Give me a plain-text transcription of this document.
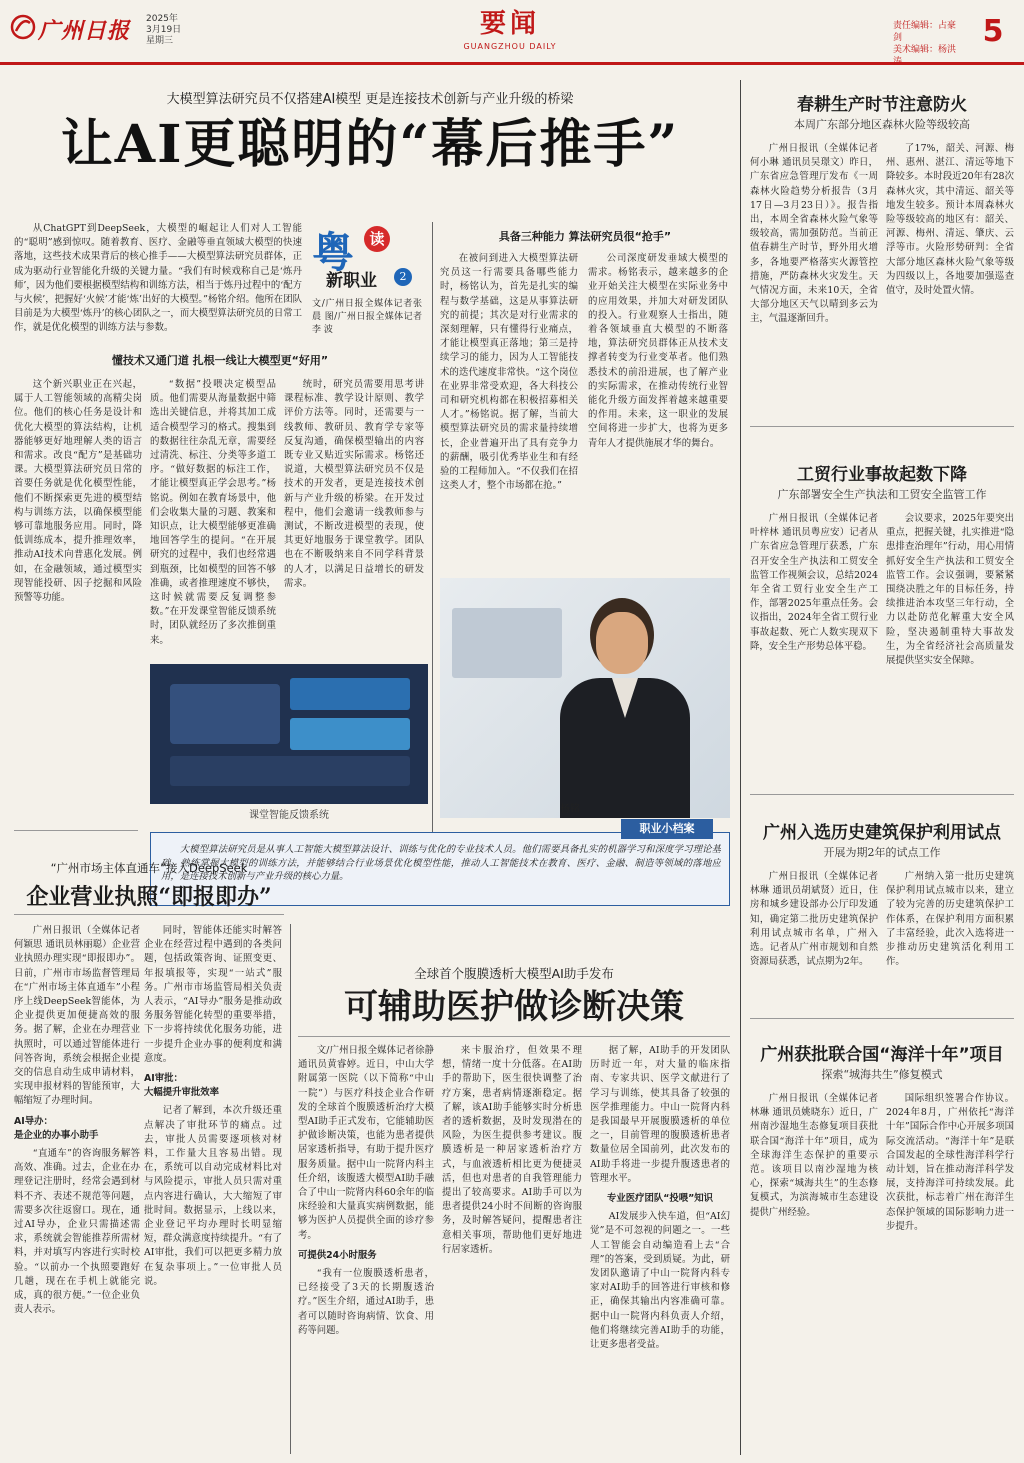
广州日报 2025年
3月19日
星期三
要闻
GUANGZHOU DAILY
责任编辑：占豪剑
美术编辑：杨洪
5
大模型算法研究员不仅搭建AI模型 更是连接技术创新与产业升级的桥梁
让AI更聪明的“幕后推手”

从ChatGPT到DeepSeek，大模型的崛起让人们对人工智能的“聪明”感到惊叹。随着教育、医疗、金融等垂直领域大模型的快速落地，这些技术成果背后的核心推手——大模型算法研究员群体，正成为驱动行业智能化升级的关键力量。“我们有时候戏称自己是‘炼丹师’，因为他们要根据模型结构和训练方法，相当于炼丹过程中的‘配方与火候’，把握好‘火候’才能‘炼’出好的大模型。”杨铭介绍。他所在团队目前是为大模型‘炼丹’的核心团队之一，而大模型算法研究员的日常工作，就是优化模型的训练方法与参数。

粤	读
新职业	2
文/广州日报全媒体记者张 晨 图/广州日报全媒体记者李 波
懂技术又通门道 扎根一线让大模型更“好用”

这个新兴职业正在兴起，属于人工智能领域的高精尖岗位。他们的核心任务是设计和优化大模型的算法结构，让机器能够更好地理解人类的语言和需求。改良“配方”是基础功课。大模型算法研究员日常的首要任务就是优化模型性能，他们不断探索更先进的模型结构与训练方法，以确保模型能够可靠地服务应用。同时，降低训练成本，提升推理效率，推动AI技术向普惠化发展。例如，在金融领域，通过模型实现智能投研、因子挖掘和风险预警等功能。

“数据”投喂决定模型品质。他们需要从海量数据中筛选出关键信息，并将其加工成适合模型学习的格式。搜集到的数据往往杂乱无章，需要经过清洗、标注、分类等多道工序。“做好数据的标注工作，才能让模型真正学会思考。”杨铭说。例如在教育场景中，他们会收集大量的习题、教案和知识点，让大模型能够更准确地回答学生的提问。“在开展研究的过程中，我们也经常遇到瓶颈，比如模型的回答不够准确，或者推理速度不够快，这时候就需要反复调整参数。”在开发课堂智能反馈系统时，团队就经历了多次推倒重来。

统时，研究员需要用思考讲课程标准、教学设计原则、教学评价方法等。同时，还需要与一线教师、教研员、教育学专家等反复沟通，确保模型输出的内容既专业又贴近实际需求。杨铭还说道，大模型算法研究员不仅是技术的开发者，更是连接技术创新与产业升级的桥梁。在开发过程中，他们会邀请一线教师参与测试，不断改进模型的表现，使其更好地服务于课堂教学。团队也在不断吸纳来自不同学科背景的人才，以满足日益增长的研发需求。

课堂智能反馈系统
具备三种能力 算法研究员很“抢手”

在被问到进入大模型算法研究员这一行需要具备哪些能力时，杨铭认为，首先是扎实的编程与数学基础，这是从事算法研究的前提；其次是对行业需求的深刻理解，只有懂得行业痛点，才能让模型真正落地；第三是持续学习的能力，因为人工智能技术的迭代速度非常快。“这个岗位在业界非常受欢迎，各大科技公司和研究机构都在积极招募相关人才。”杨铭说。据了解，当前大模型算法研究员的需求量持续增长，企业普遍开出了具有竞争力的薪酬，吸引优秀毕业生和有经验的工程师加入。“不仅我们在招这类人才，整个市场都在抢。”

公司深度研发垂域大模型的需求。杨铭表示，越来越多的企业开始关注大模型在实际业务中的应用效果，并加大对研发团队的投入。行业观察人士指出，随着各领域垂直大模型的不断落地，算法研究员群体正从技术支撑者转变为行业变革者。他们熟悉技术的前沿进展，也了解产业的实际需求，在推动传统行业智能化升级方面发挥着越来越重要的作用。未来，这一职业的发展空间将进一步扩大，也将为更多青年人才提供施展才华的舞台。

杨铭
职业小档案

大模型算法研究员是从事人工智能大模型算法设计、训练与优化的专业技术人员。他们需要具备扎实的机器学习和深度学习理论基础，熟练掌握大模型的训练方法，并能够结合行业场景优化模型性能，推动人工智能技术在教育、医疗、金融、制造等领域的落地应用，是连接技术创新与产业升级的核心力量。

“广州市场主体直通车”接入DeepSeek
企业营业执照“即报即办”

广州日报讯（全媒体记者何颖思 通讯员林丽聪）企业营业执照办理实现“即报即办”。日前，广州市市场监督管理局在“广州市场主体直通车”小程序上线DeepSeek智能体，为企业提供更加便捷高效的服务。据了解，企业在办理营业执照时，可以通过智能体进行问答咨询，系统会根据企业提交的信息自动生成申请材料，实现申报材料的智能预审，大幅缩短了办理时间。

AI导办：
是企业的办事小助手

“直通车”的咨询服务解答高效、准确。过去，企业在办理登记注册时，经常会遇到材料不齐、表述不规范等问题，需要多次往返窗口。现在，通过AI导办，企业只需描述需求，系统就会智能推荐所需材料，并对填写内容进行实时校验。“以前办一个执照要跑好几趟，现在在手机上就能完成，真的很方便。”一位企业负责人表示。

同时，智能体还能实时解答企业在经营过程中遇到的各类问题，包括政策咨询、证照变更、年报填报等，实现“一站式”服务。广州市市场监管局相关负责人表示，“AI导办”服务是推动政务服务智能化转型的重要举措，下一步将持续优化服务功能，进一步提升企业办事的便利度和满意度。

AI审批：
大幅提升审批效率

记者了解到，本次升级还重点解决了审批环节的痛点。过去，审批人员需要逐项核对材料，工作量大且容易出错。现在，系统可以自动完成材料比对与风险提示，审批人员只需对重点内容进行确认，大大缩短了审批时间。数据显示，上线以来，企业登记平均办理时长明显缩短，群众满意度持续提升。“有了AI审批，我们可以把更多精力放在复杂事项上。”一位审批人员说。

全球首个腹膜透析大模型AI助手发布
可辅助医护做诊断决策

文/广州日报全媒体记者徐静 通讯员黄睿婷。近日，中山大学附属第一医院（以下简称“中山一院”）与医疗科技企业合作研发的全球首个腹膜透析治疗大模型AI助手正式发布，它能辅助医护做诊断决策，也能为患者提供居家透析指导，有助于提升医疗服务质量。据中山一院肾内科主任介绍，该腹透大模型AI助手融合了中山一院肾内科60余年的临床经验和大量真实病例数据，能够为医护人员提供全面的诊疗参考。

可提供24小时服务

“我有一位腹膜透析患者，已经接受了3天的长期腹透治疗。”医生介绍，通过AI助手，患者可以随时咨询病情、饮食、用药等问题。

来卡服治疗，但效果不理想，情绪一度十分低落。在AI助手的帮助下，医生很快调整了治疗方案，患者病情逐渐稳定。据了解，该AI助手能够实时分析患者的透析数据，及时发现潜在的风险，为医生提供参考建议。腹膜透析是一种居家透析治疗方式，与血液透析相比更为便捷灵活，但也对患者的自我管理能力提出了较高要求。AI助手可以为患者提供24小时不间断的咨询服务，及时解答疑问，提醒患者注意相关事项，帮助他们更好地进行居家透析。

据了解，AI助手的开发团队历时近一年，对大量的临床指南、专家共识、医学文献进行了学习与训练，使其具备了较强的医学推理能力。中山一院肾内科是我国最早开展腹膜透析的单位之一，目前管理的腹膜透析患者数量位居全国前列，此次发布的AI助手将进一步提升腹透患者的管理水平。

专业医疗团队“投喂”知识

AI发展步入快车道，但“AI幻觉”是不可忽视的问题之一。一些人工智能会自动编造看上去“合理”的答案，受到质疑。为此，研发团队邀请了中山一院肾内科专家对AI助手的回答进行审核和修正，确保其输出内容准确可靠。据中山一院肾内科负责人介绍，他们将继续完善AI助手的功能，让更多患者受益。

春耕生产时节注意防火
本周广东部分地区森林火险等级较高

广州日报讯（全媒体记者何小琳 通讯员吴璟文）昨日，广东省应急管理厅发布《一周森林火险趋势分析报告（3月17日—3月23日）》。报告指出，本周全省森林火险气象等级较高，需加强防范。当前正值春耕生产时节，野外用火增多，各地要严格落实火源管控措施，严防森林火灾发生。天气情况方面，未来10天，全省大部分地区天气以晴到多云为主，气温逐渐回升。

了17%，韶关、河源、梅州、惠州、湛江、清远等地下降较多。本时段近20年有28次森林火灾，其中清远、韶关等地发生较多。预计本周森林火险等级较高的地区有：韶关、河源、梅州、清远、肇庆、云浮等市。火险形势研判：全省大部分地区森林火险气象等级为四级以上，各地要加强巡查值守，及时处置火情。

工贸行业事故起数下降
广东部署安全生产执法和工贸安全监管工作

广州日报讯（全媒体记者叶梓林 通讯员粤应安）记者从广东省应急管理厅获悉，广东召开安全生产执法和工贸安全监管工作视频会议，总结2024年全省工贸行业安全生产工作，部署2025年重点任务。会议指出，2024年全省工贸行业事故起数、死亡人数实现双下降，安全生产形势总体平稳。

会议要求，2025年要突出重点，把握关键，扎实推进“隐患排查治理年”行动，用心用情抓好安全生产执法和工贸安全监管工作。会议强调，要紧紧围绕决胜之年的目标任务，持续推进治本攻坚三年行动，全力以赴防范化解重大安全风险，坚决遏制重特大事故发生，为全省经济社会高质量发展提供坚实安全保障。

广州入选历史建筑保护利用试点
开展为期2年的试点工作

广州日报讯（全媒体记者林琳 通讯员胡斌贤）近日，住房和城乡建设部办公厅印发通知，确定第二批历史建筑保护利用试点城市名单，广州入选。记者从广州市规划和自然资源局获悉，试点期为2年。

广州纳入第一批历史建筑保护利用试点城市以来，建立了较为完善的历史建筑保护工作体系，在保护利用方面积累了丰富经验，此次入选将进一步推动历史建筑活化利用工作。

广州获批联合国“海洋十年”项目
探索“城海共生”修复模式

广州日报讯（全媒体记者林琳 通讯员姚晓东）近日，广州南沙湿地生态修复项目获批联合国“海洋十年”项目，成为全球海洋生态保护的重要示范。该项目以南沙湿地为核心，探索“城海共生”的生态修复模式，为滨海城市生态建设提供广州经验。

国际组织签署合作协议。2024年8月，广州依托“海洋十年”国际合作中心开展多项国际交流活动。“海洋十年”是联合国发起的全球性海洋科学行动计划，旨在推动海洋科学发展，支持海洋可持续发展。此次获批，标志着广州在海洋生态保护领域的国际影响力进一步提升。
